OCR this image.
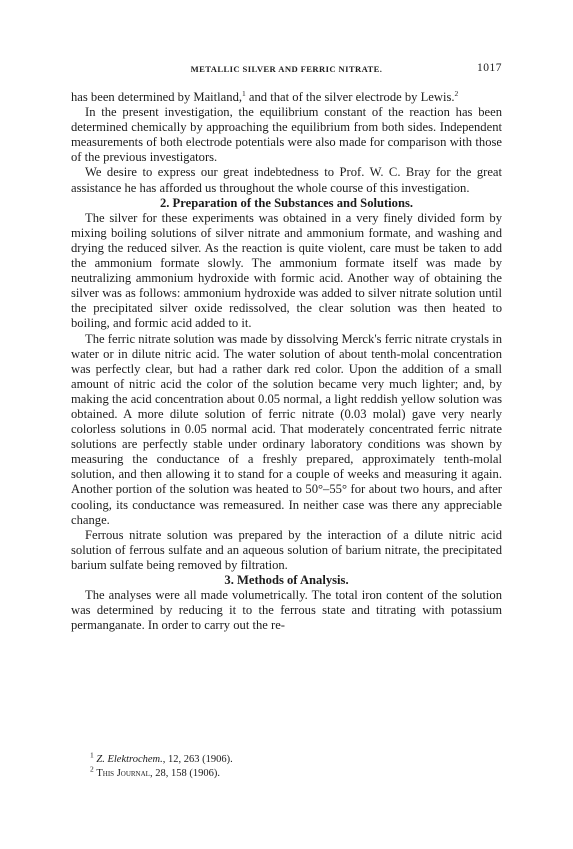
METALLIC SILVER AND FERRIC NITRATE.	1017

has been determined by Maitland,$^1$ and that of the silver electrode by Lewis.$^2$

In the present investigation, the equilibrium constant of the reaction has been determined chemically by approaching the equilibrium from both sides. Independent measurements of both electrode potentials were also made for comparison with those of the previous investigators.

We desire to express our great indebtedness to Prof. W. C. Bray for the great assistance he has afforded us throughout the whole course of this investigation.

2. Preparation of the Substances and Solutions.

The silver for these experiments was obtained in a very finely divided form by mixing boiling solutions of silver nitrate and ammonium formate, and washing and drying the reduced silver. As the reaction is quite violent, care must be taken to add the ammonium formate slowly. The ammonium formate itself was made by neutralizing ammonium hydroxide with formic acid. Another way of obtaining the silver was as follows: ammonium hydroxide was added to silver nitrate solution until the precipitated silver oxide redissolved, the clear solution was then heated to boiling, and formic acid added to it.

The ferric nitrate solution was made by dissolving Merck's ferric nitrate crystals in water or in dilute nitric acid. The water solution of about tenth-molal concentration was perfectly clear, but had a rather dark red color. Upon the addition of a small amount of nitric acid the color of the solution became very much lighter; and, by making the acid concentration about 0.05 normal, a light reddish yellow solution was obtained. A more dilute solution of ferric nitrate (0.03 molal) gave very nearly colorless solutions in 0.05 normal acid. That moderately concentrated ferric nitrate solutions are perfectly stable under ordinary laboratory conditions was shown by measuring the conductance of a freshly prepared, approximately tenth-molal solution, and then allowing it to stand for a couple of weeks and measuring it again. Another portion of the solution was heated to 50°–55° for about two hours, and after cooling, its conductance was remeasured. In neither case was there any appreciable change.

Ferrous nitrate solution was prepared by the interaction of a dilute nitric acid solution of ferrous sulfate and an aqueous solution of barium nitrate, the precipitated barium sulfate being removed by filtration.

3. Methods of Analysis.

The analyses were all made volumetrically. The total iron content of the solution was determined by reducing it to the ferrous state and titrating with potassium permanganate. In order to carry out the re-

$^1$ Z. Elektrochem., 12, 263 (1906).
$^2$ This Journal, 28, 158 (1906).
